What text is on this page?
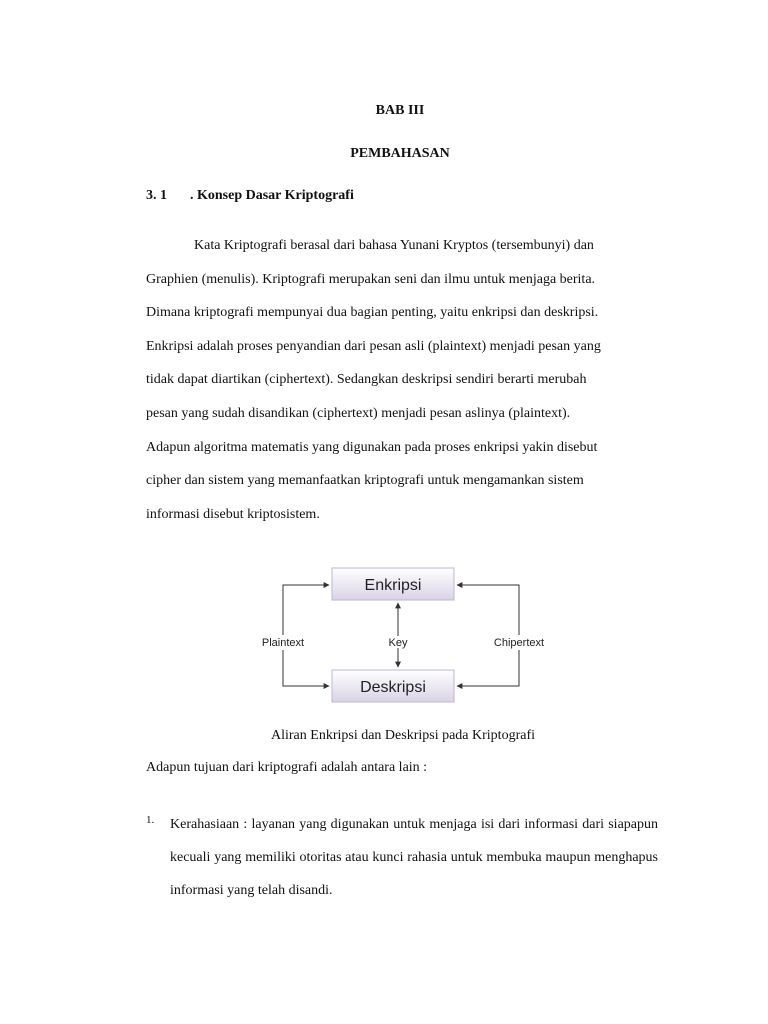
BAB III
PEMBAHASAN
3. 1 . Konsep Dasar Kriptografi
Kata Kriptografi berasal dari bahasa Yunani Kryptos (tersembunyi) dan
Graphien (menulis). Kriptografi merupakan seni dan ilmu untuk menjaga berita.
Dimana kriptografi mempunyai dua bagian penting, yaitu enkripsi dan deskripsi.
Enkripsi adalah proses penyandian dari pesan asli (plaintext) menjadi pesan yang
tidak dapat diartikan (ciphertext). Sedangkan deskripsi sendiri berarti merubah
pesan yang sudah disandikan (ciphertext) menjadi pesan aslinya (plaintext).
Adapun algoritma matematis yang digunakan pada proses enkripsi yakin disebut
cipher dan sistem yang memanfaatkan kriptografi untuk mengamankan sistem
informasi disebut kriptosistem.
Enkripsi
Deskripsi
Plaintext	Key	Chipertext
Aliran Enkripsi dan Deskripsi pada Kriptografi
Adapun tujuan dari kriptografi adalah antara lain :
1. Kerahasiaan : layanan yang digunakan untuk menjaga isi dari informasi dari siapapun kecuali yang memiliki otoritas atau kunci rahasia untuk membuka maupun menghapus informasi yang telah disandi.
